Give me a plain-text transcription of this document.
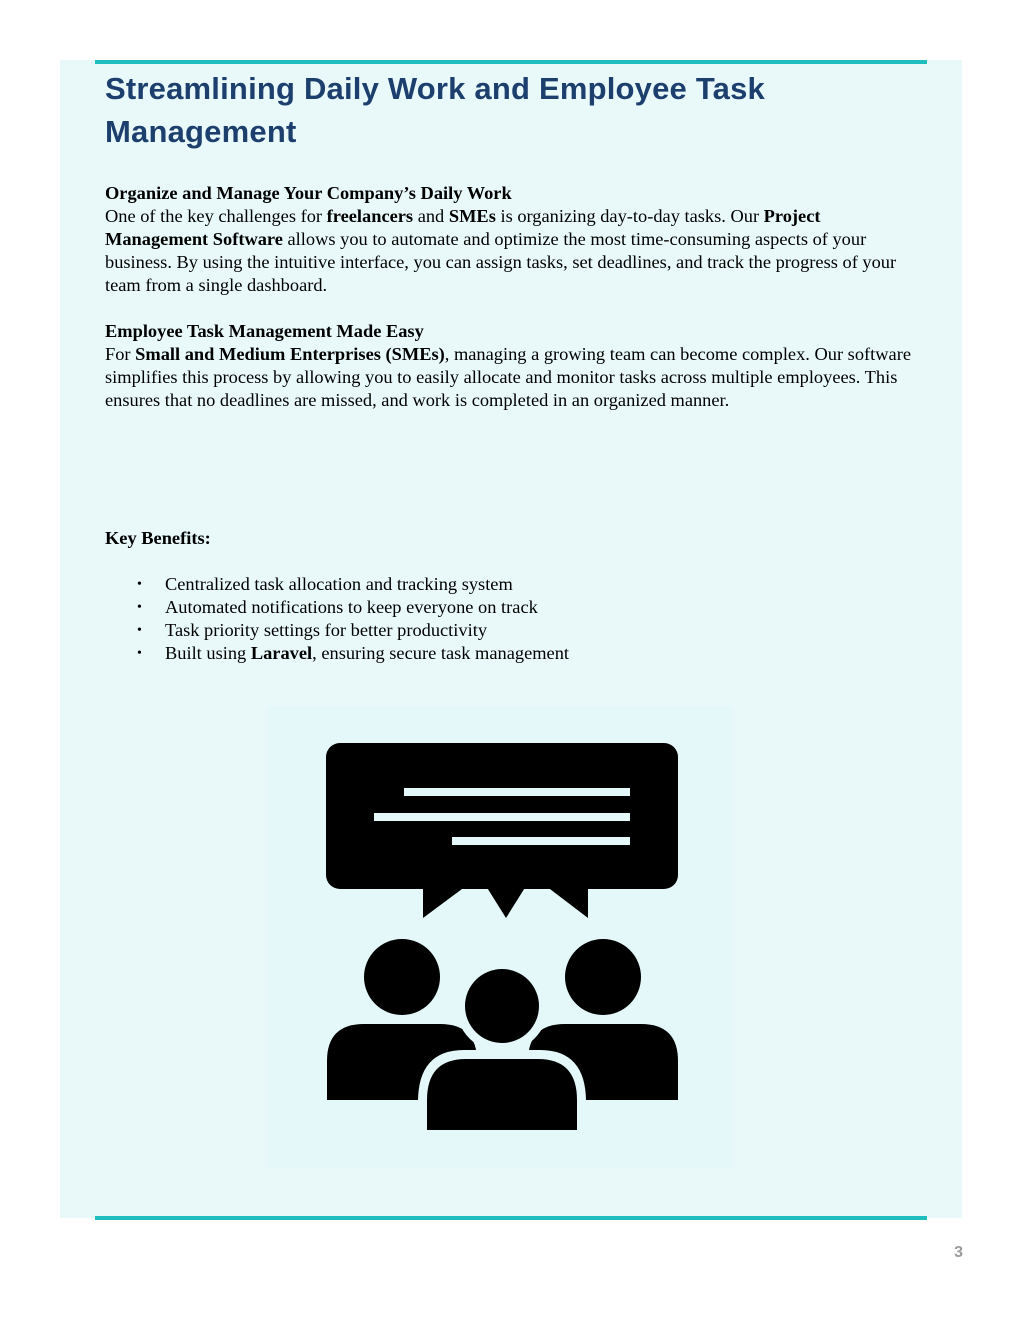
Streamlining Daily Work and Employee Task Management
Organize and Manage Your Company’s Daily Work

One of the key challenges for freelancers and SMEs is organizing day-to-day tasks. Our Project Management Software allows you to automate and optimize the most time-consuming aspects of your business. By using the intuitive interface, you can assign tasks, set deadlines, and track the progress of your team from a single dashboard.

Employee Task Management Made Easy

For Small and Medium Enterprises (SMEs), managing a growing team can become complex. Our software simplifies this process by allowing you to easily allocate and monitor tasks across multiple employees. This ensures that no deadlines are missed, and work is completed in an organized manner.

Key Benefits:
• Centralized task allocation and tracking system
• Automated notifications to keep everyone on track
• Task priority settings for better productivity
• Built using Laravel, ensuring secure task management
3
